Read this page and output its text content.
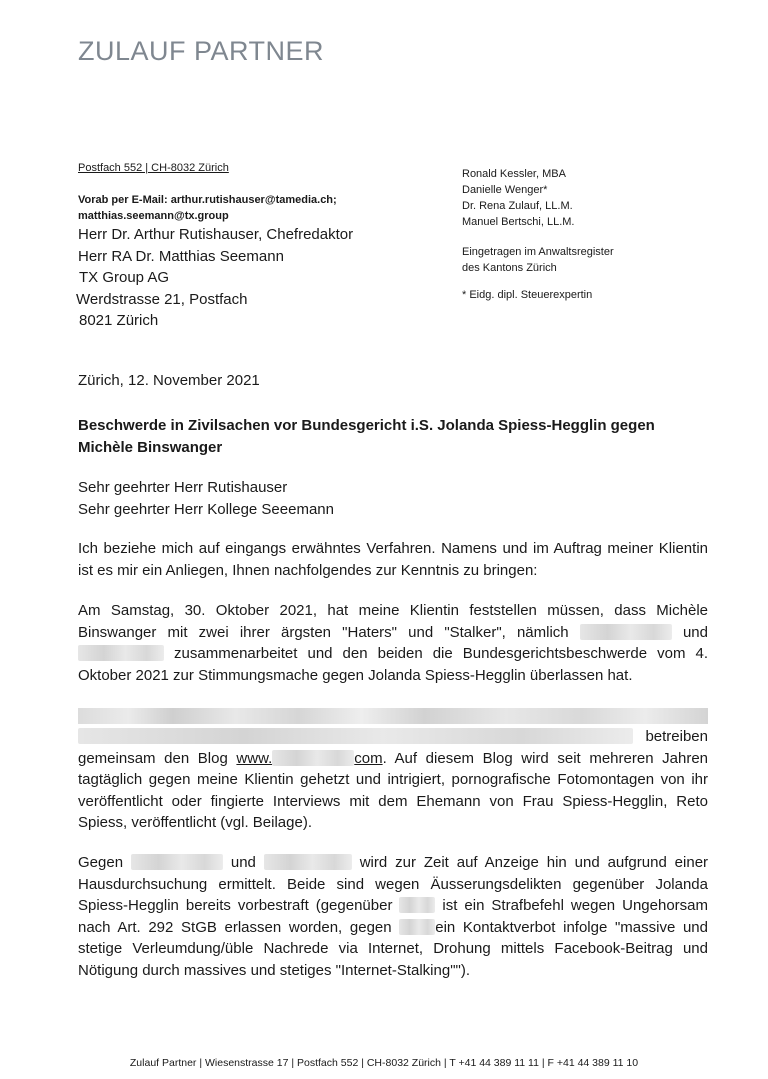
ZULAUF PARTNER
Postfach 552 | CH-8032 Zürich
Vorab per E-Mail: arthur.rutishauser@tamedia.ch;
matthias.seemann@tx.group
Herr Dr. Arthur Rutishauser, Chefredaktor
Herr RA Dr. Matthias Seemann
TX Group AG
Werdstrasse 21, Postfach
8021 Zürich
Ronald Kessler, MBA
Danielle Wenger*
Dr. Rena Zulauf, LL.M.
Manuel Bertschi, LL.M.
Eingetragen im Anwaltsregister
des Kantons Zürich
* Eidg. dipl. Steuerexpertin
Zürich, 12. November 2021
Beschwerde in Zivilsachen vor Bundesgericht i.S. Jolanda Spiess-Hegglin gegen Michèle Binswanger
Sehr geehrter Herr Rutishauser
Sehr geehrter Herr Kollege Seeemann
Ich beziehe mich auf eingangs erwähntes Verfahren. Namens und im Auftrag meiner Klientin ist es mir ein Anliegen, Ihnen nachfolgendes zur Kenntnis zu bringen:
Am Samstag, 30. Oktober 2021, hat meine Klientin feststellen müssen, dass Michèle Binswanger mit zwei ihrer ärgsten "Haters" und "Stalker", nämlich	und  zusammenarbeitet und den beiden die Bundesgerichtsbeschwerde vom 4. Oktober 2021 zur Stimmungsmache gegen Jolanda Spiess-Hegglin überlassen hat.
betreiben

gemeinsam den Blog www.	com. Auf diesem Blog wird seit mehreren Jahren tagtäglich gegen meine Klientin gehetzt und intrigiert, pornografische Fotomontagen von ihr veröffentlicht oder fingierte Interviews mit dem Ehemann von Frau Spiess-Hegglin, Reto Spiess, veröffentlicht (vgl. Beilage).
Gegen	und	wird zur Zeit auf Anzeige hin und aufgrund einer Hausdurchsuchung ermittelt. Beide sind wegen Äusserungsdelikten gegenüber Jolanda Spiess-Hegglin bereits vorbestraft (gegenüber	ist ein Strafbefehl wegen Ungehorsam nach Art. 292 StGB erlassen worden, gegen	ein Kontaktverbot infolge "massive und stetige Verleumdung/üble Nachrede via Internet, Drohung mittels Facebook-Beitrag und Nötigung durch massives und stetiges "Internet-Stalking"").
Zulauf Partner | Wiesenstrasse 17 | Postfach 552 | CH-8032 Zürich | T +41 44 389 11 11 | F +41 44 389 11 10
